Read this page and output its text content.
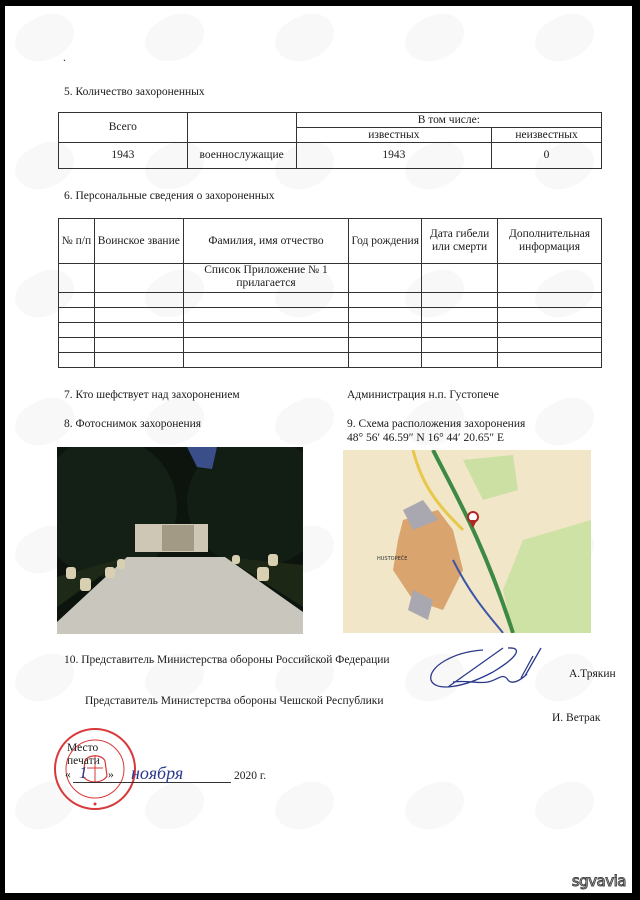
.
5. Количество захороненных
Всего		В том числе:	
		известных	неизвестных
1943	военнослужащие	1943	0
6. Персональные сведения о захороненных
№ п/п	Воинское звание	Фамилия, имя отчество	Год рождения	Дата гибели или смерти	Дополнительная информация
		Список Приложение № 1 прилагается			

7. Кто шефствует над захоронением	Администрация н.п. Густопече
8. Фотоснимок захоронения	9. Схема расположения захоронения
48° 56′ 46.59″ N 16° 44′ 20.65″ E
HUSTOPEČE
10. Представитель Министерства обороны Российской Федерации
А.Трякин
Представитель Министерства обороны Чешской Республики
И. Ветрак
Место
печати
« 1 » ноября	2020 г.
sgvavia
